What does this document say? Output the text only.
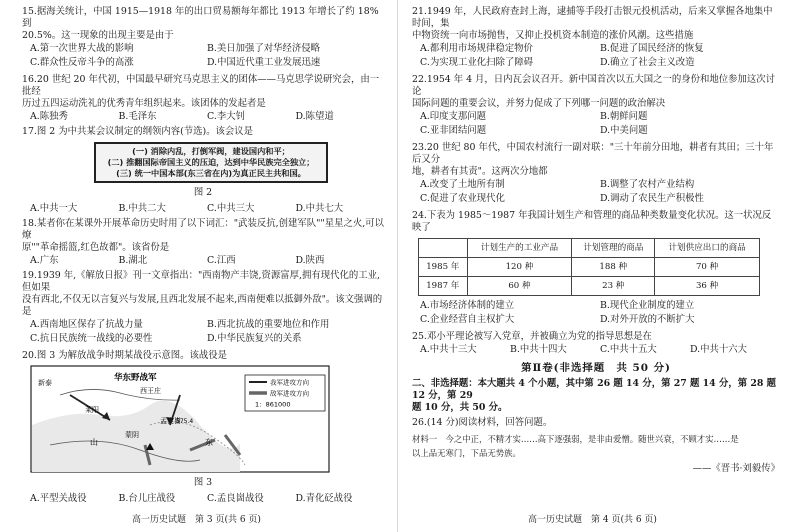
15.据海关统计，中国 1915—1918 年的出口贸易额每年都比 1913 年增长了约 18%到
20.5%。这一现象的出现主要是由于
A.第一次世界大战的影响	B.美日加强了对华经济侵略
C.群众性反帝斗争的高涨	D.中国近代重工业发展迅速
16.20 世纪 20 年代初，中国最早研究马克思主义的团体——马克思学说研究会，由一批经
历过五四运动洗礼的优秀青年组织起来。该团体的发起者是
A.陈独秀	B.毛泽东	C.李大钊	D.陈望道
17.图 2 为中共某会议制定的纲领内容(节选)。该会议是
(一) 消除内乱，打倒军阀，建设国内和平；
(二) 推翻国际帝国主义的压迫，达到中华民族完全独立；
(三) 统一中国本部(东三省在内)为真正民主共和国。
图 2
A.中共一大	B.中共二大	C.中共三大	D.中共七大
18.某者你在某课外开展革命历史时用了以下词汇："武装反抗,创建军队""星星之火,可以燎
原""革命摇篮,红色故都"。该省份是
A.广东	B.湖北	C.江西	D.陕西
19.1939 年,《解放日报》刊一文章指出："西南物产丰饶,资源富厚,拥有现代化的工业,但如果
没有西北,不仅无以言复兴与发展,且西北发展不起来,西南便难以抵御外敌"。该文强调的是
A.西南地区保存了抗战力量	B.西北抗战的重要地位和作用
C.抗日民族统一战线的必要性	D.中华民族复兴的关系
20.图 3 为解放战争时期某战役示意图。该战役是
新泰	华东野战军
西王庄
莱阳
孟良崮
575.4
蒙阴
山	东
我军进攻方向
敌军进攻方向
1：861000
图 3
A.平型关战役	B.台儿庄战役	C.孟良崮战役	D.青化砭战役
高一历史试题　第 3 页(共 6 页)
21.1949 年，人民政府查封上海，逮捕等手段打击银元投机活动，后来又掌握各地集中时间，集
中物资统一向市场抛售，又抑止投机资本制造的涨价风潮。这些措施
A.都利用市场规律稳定物价	B.促进了国民经济的恢复
C.为实现工业化扫除了障碍	D.确立了社会主义改造
22.1954 年 4 月，日内瓦会议召开。新中国首次以五大国之一的身份和地位参加这次讨论
国际问题的重要会议，并努力促成了下列哪一问题的政治解决
A.印度支那问题	B.朝鲜问题
C.亚非团结问题	D.中美问题
23.20 世纪 80 年代，中国农村流行一副对联："三十年前分田地，耕者有其田；三十年后又分
地，耕者有其责"。这两次分地都
A.改变了土地所有制	B.调整了农村产业结构
C.促进了农业现代化	D.调动了农民生产积极性
24.下表为 1985～1987 年我国计划生产和管理的商品种类数量变化状况。这一状况反
映了
	计划生产的工业产品	计划管理的商品	计划供应出口的商品
1985 年	120 种	188 种	70 种
1987 年	60 种	23 种	36 种
A.市场经济体制的建立	B.现代企业制度的建立
C.企业经营自主权扩大	D.对外开放的不断扩大
25.邓小平理论被写入党章，并被确立为党的指导思想是在
A.中共十三大	B.中共十四大	C.中共十五大	D.中共十六大
第Ⅱ卷(非选择题　共 50 分)
二、非选择题：本大题共 4 个小题，其中第 26 题 14 分，第 27 题 14 分，第 28 题 12 分，第 29
题 10 分，共 50 分。
26.(14 分)阅读材料，回答问题。
材料一　今之中正，不精才实……高下逐强弱，是非由爱憎。随世兴衰，不顾才实……是
以上品无寒门，下品无势族。
——《晋书·刘毅传》
高一历史试题　第 4 页(共 6 页)
